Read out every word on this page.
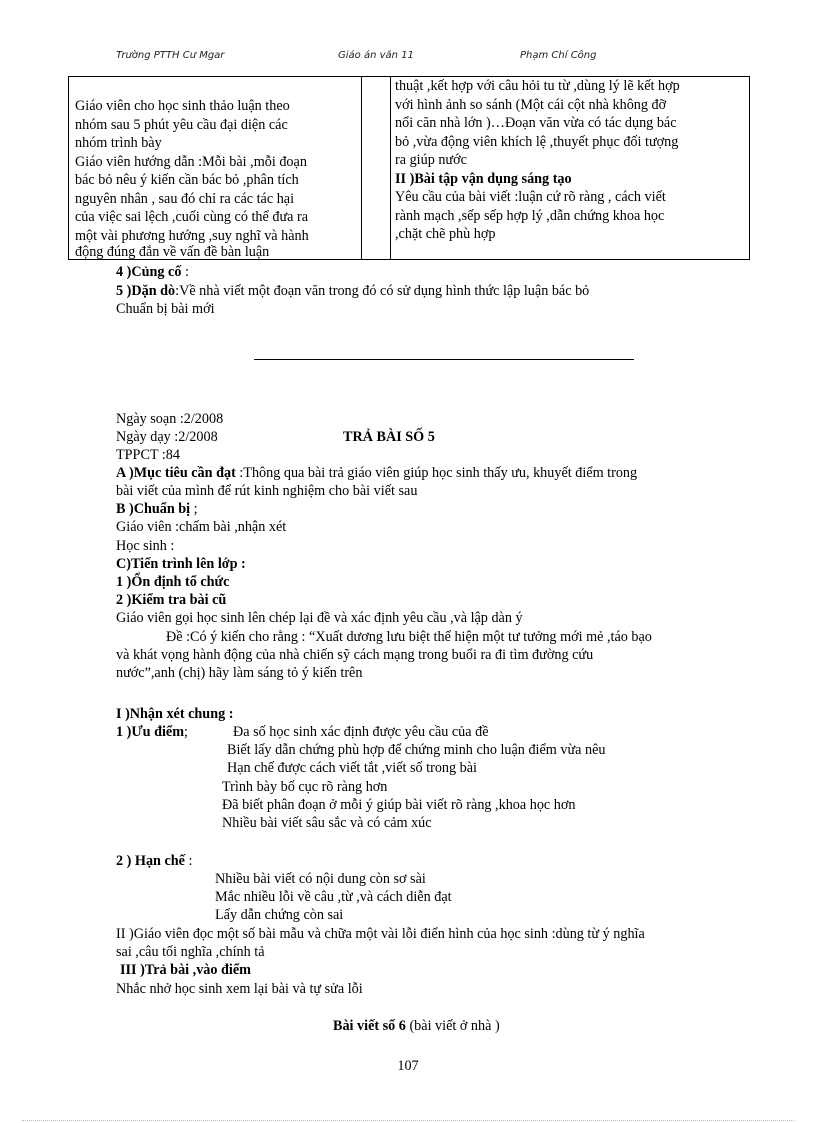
Trường PTTH Cư Mgar	Giáo án văn 11	Phạm Chí Công
Giáo viên cho học sinh thảo luận theo
nhóm sau 5 phút yêu cầu đại diện các
nhóm trình bày
Giáo viên hướng dẫn :Mỗi bài ,mỗi đoạn
bác bỏ nêu ý kiến cần bác bỏ ,phân tích
nguyên nhân , sau đó chỉ ra các tác hại
của việc sai lệch ,cuối cùng có thể đưa ra
một vài phương hướng ,suy nghĩ và hành
động đúng đắn về vấn đề bàn luận

thuật ,kết hợp với câu hỏi tu từ ,dùng lý lẽ kết hợp
với hình ảnh so sánh (Một cái cột nhà không đỡ
nổi căn nhà lớn )…Đoạn văn vừa có tác dụng bác
bỏ ,vừa động viên khích lệ ,thuyết phục đối tượng
ra giúp nước
II )Bài tập vận dụng sáng tạo
Yêu cầu của bài viết :luận cứ rõ ràng , cách viết
rành mạch ,sếp sếp hợp lý ,dẫn chứng khoa học
,chặt chẽ phù hợp
4 )Củng cố :
5 )Dặn dò:Về nhà viết một đoạn văn trong đó có sử dụng hình thức lập luận bác bỏ
Chuẩn bị bài mới
Ngày soạn :2/2008
Ngày dạy :2/2008	TRẢ BÀI SỐ 5
TPPCT :84
A )Mục tiêu cần đạt :Thông qua bài trả giáo viên giúp học sinh thấy ưu, khuyết điểm trong
bài viết của mình để rút kinh nghiệm cho bài viết sau
B )Chuẩn bị ;
Giáo viên :chấm bài ,nhận xét
Học sinh :
C)Tiến trình lên lớp :
1 )Ổn định tổ chức
2 )Kiểm tra bài cũ
Giáo viên gọi học sinh lên chép lại đề và xác định yêu cầu ,và lập dàn ý
Đề :Có ý kiến cho rằng : “Xuất dương lưu biệt thể hiện một tư tưởng mới mẻ ,táo bạo
và khát vọng hành động của nhà chiến sỹ cách mạng trong buổi ra đi tìm đường cứu
nước”,anh (chị) hãy làm sáng tỏ ý kiến trên
I )Nhận xét chung :
1 )Ưu điểm;	Đa số học sinh xác định được yêu cầu của đề
Biết lấy dẫn chứng phù hợp để chứng minh cho luận điểm vừa nêu
Hạn chế được cách viết tắt ,viết số trong bài
Trình bày bố cục rõ ràng hơn
Đã biết phân đoạn ở mỗi ý giúp bài viết rõ ràng ,khoa học hơn
Nhiều bài viết sâu sắc và có cảm xúc
2 ) Hạn chế :
Nhiều bài viết có nội dung còn sơ sài
Mắc nhiều lỗi về câu ,từ ,và cách diễn đạt
Lấy dẫn chứng còn sai
II )Giáo viên đọc một số bài mẫu và chữa một vài lỗi điển hình của học sinh :dùng từ ý nghĩa
sai ,câu tối nghĩa ,chính tả
III )Trả bài ,vào điểm
Nhắc nhở học sinh xem lại bài và tự sửa lỗi
Bài viết số 6 (bài viết ở nhà )
107
